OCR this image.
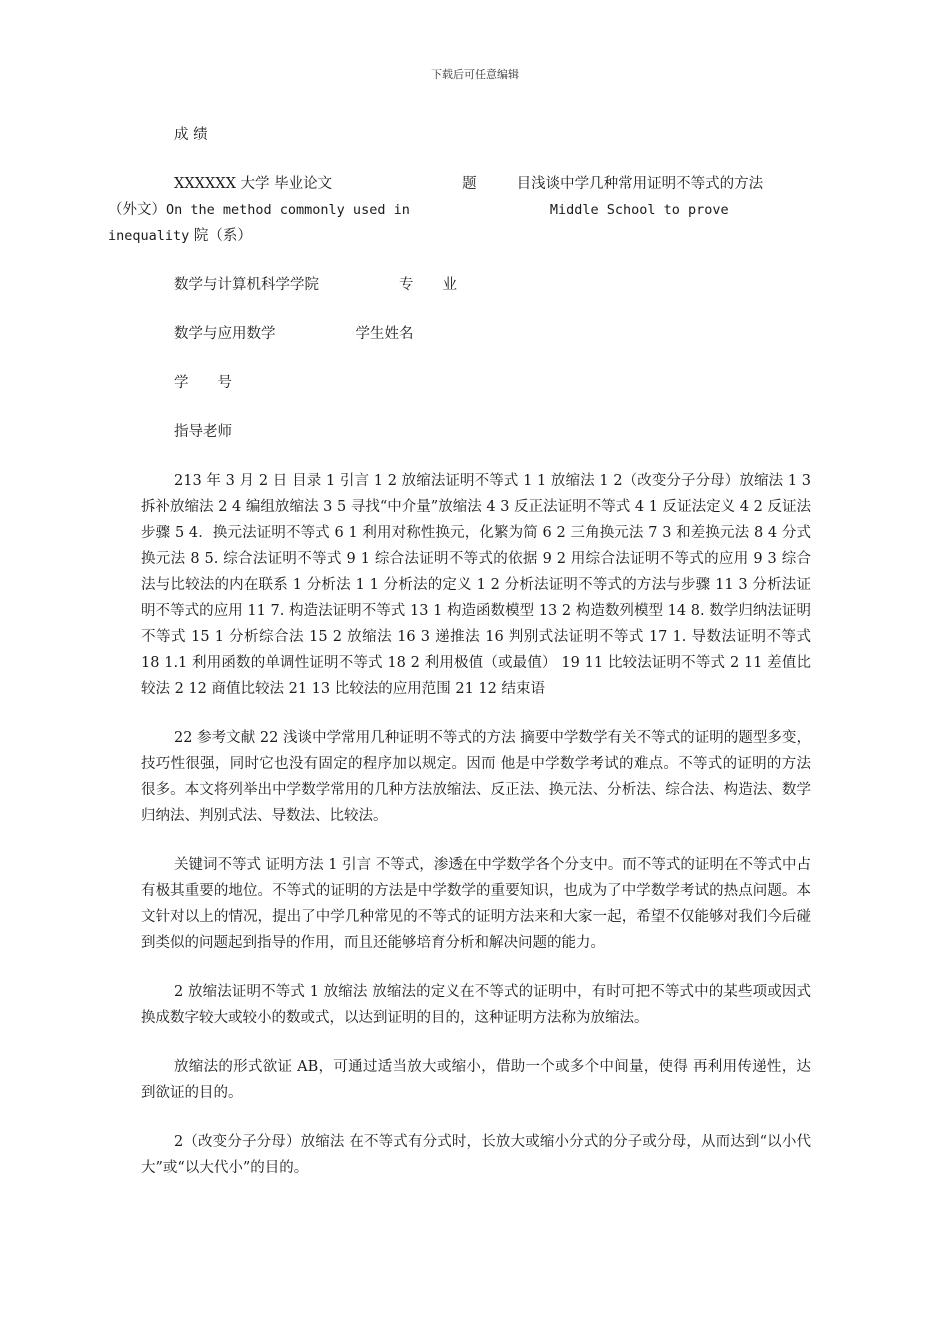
下载后可任意编辑

成 绩

XXXXXX 大学 毕业论文	题	目浅谈中学几种常用证明不等式的方法
（外文）On the method commonly used in	Middle School to prove
inequality 院（系）

数学与计算机科学学院	专　　业

数学与应用数学	学生姓名

学　　号

指导老师

213 年 3 月 2 日 目录 1 引言 1 2 放缩法证明不等式 1 1 放缩法 1 2（改变分子分母）放缩法 1 3 拆补放缩法 2 4 编组放缩法 3 5 寻找“中介量”放缩法 4 3 反正法证明不等式 4 1 反证法定义 4 2 反证法步骤 5 4．换元法证明不等式 6 1 利用对称性换元，化繁为简 6 2 三角换元法 7 3 和差换元法 8 4 分式换元法 8 5. 综合法证明不等式 9 1 综合法证明不等式的依据 9 2 用综合法证明不等式的应用 9 3 综合法与比较法的内在联系 1 分析法 1 1 分析法的定义 1 2 分析法证明不等式的方法与步骤 11 3 分析法证明不等式的应用 11 7. 构造法证明不等式 13 1 构造函数模型 13 2 构造数列模型 14 8. 数学归纳法证明不等式 15 1 分析综合法 15 2 放缩法 16 3 递推法 16 判别式法证明不等式 17 1. 导数法证明不等式 18 1.1 利用函数的单调性证明不等式 18 2 利用极值（或最值） 19 11 比较法证明不等式 2 11 差值比较法 2 12 商值比较法 21 13 比较法的应用范围 21 12 结束语

22 参考文献 22 浅谈中学常用几种证明不等式的方法 摘要中学数学有关不等式的证明的题型多变，技巧性很强，同时它也没有固定的程序加以规定。因而 他是中学数学考试的难点。不等式的证明的方法很多。本文将列举出中学数学常用的几种方法放缩法、反正法、换元法、分析法、综合法、构造法、数学归纳法、判别式法、导数法、比较法。

关键词不等式 证明方法 1 引言 不等式，渗透在中学数学各个分支中。而不等式的证明在不等式中占有极其重要的地位。不等式的证明的方法是中学数学的重要知识，也成为了中学数学考试的热点问题。本文针对以上的情况，提出了中学几种常见的不等式的证明方法来和大家一起，希望不仅能够对我们今后碰到类似的问题起到指导的作用，而且还能够培育分析和解决问题的能力。

2 放缩法证明不等式 1 放缩法 放缩法的定义在不等式的证明中，有时可把不等式中的某些项或因式换成数字较大或较小的数或式，以达到证明的目的，这种证明方法称为放缩法。

放缩法的形式欲证 AB，可通过适当放大或缩小，借助一个或多个中间量，使得 再利用传递性，达到欲证的目的。

2（改变分子分母）放缩法 在不等式有分式时，长放大或缩小分式的分子或分母，从而达到“以小代大”或“以大代小”的目的。
